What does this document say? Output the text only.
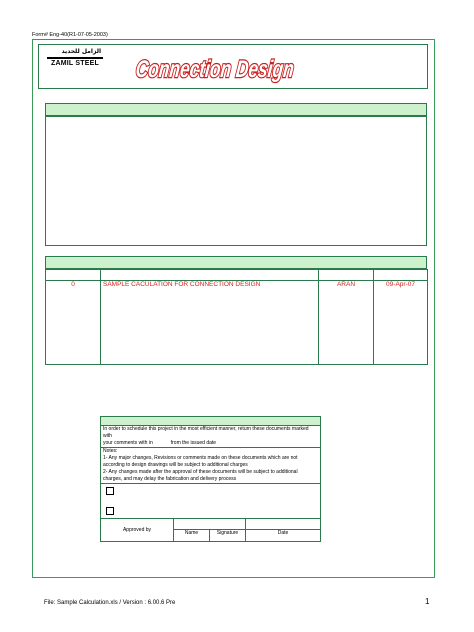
Form# Eng-40(R1-07-05-2003)
الزامل للحديد
ZAMIL STEEL Connection Design

0	SAMPLE CACULATION FOR CONNECTION DESIGN	ARAN	09-Apr-07

In order to schedule this project in the most efficient manner, return these documents marked with
your comments with in from the issued date			

Notes:
1- Any major changes, Revisions or comments made on these documents which are not according to design drawings will be subject to additional charges
2- Any changes made after the approval of these documents will be subject to additional charges, and may delay the fabrication and delivery process			

Approved by			
	Name	Signature	Date
File: Sample Calculation.xls / Version : 6.00.6 Pre	1
